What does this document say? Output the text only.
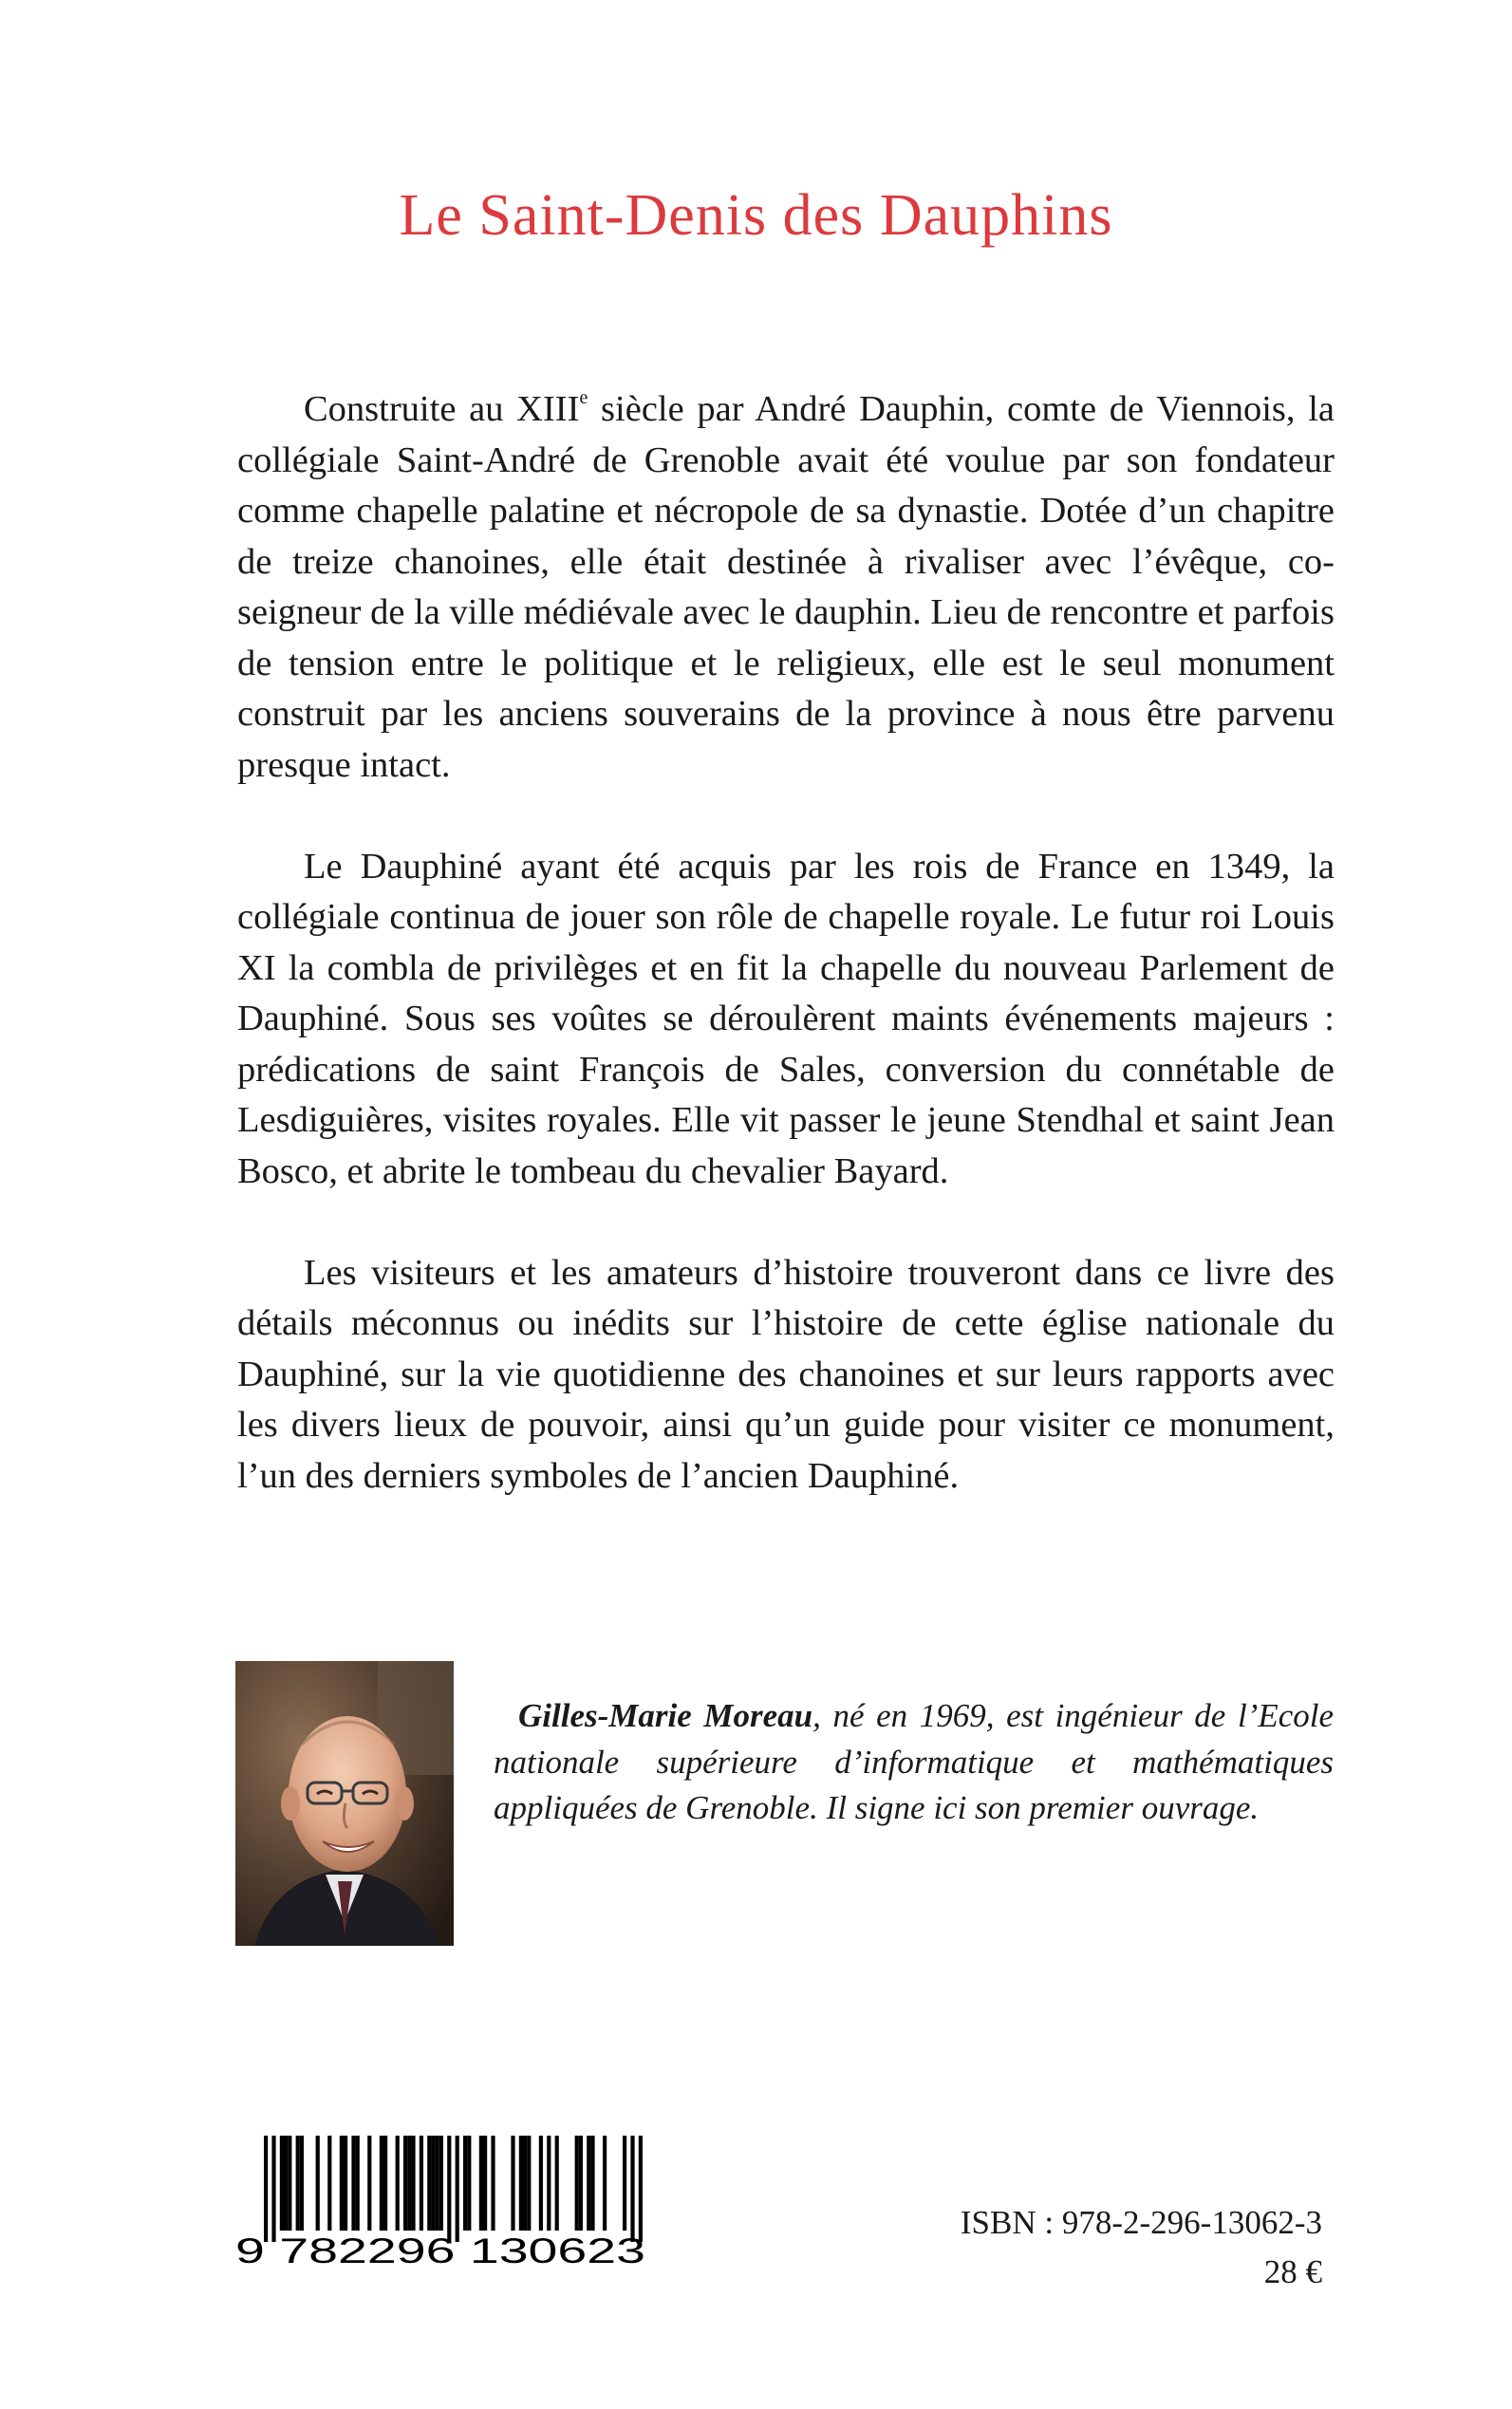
Le Saint-Denis des Dauphins

Construite au XIIIe siècle par André Dauphin, comte de Viennois, la collégiale Saint-André de Grenoble avait été voulue par son fondateur comme chapelle palatine et nécropole de sa dynastie. Dotée d’un chapitre de treize chanoines, elle était destinée à rivaliser avec l’évêque, co-seigneur de la ville médiévale avec le dauphin. Lieu de rencontre et parfois de tension entre le politique et le religieux, elle est le seul monument construit par les anciens souverains de la province à nous être parvenu presque intact.

Le Dauphiné ayant été acquis par les rois de France en 1349, la collégiale continua de jouer son rôle de chapelle royale. Le futur roi Louis XI la combla de privilèges et en fit la chapelle du nouveau Parlement de Dauphiné. Sous ses voûtes se déroulèrent maints événements majeurs : prédications de saint François de Sales, conversion du connétable de Lesdiguières, visites royales. Elle vit passer le jeune Stendhal et saint Jean Bosco, et abrite le tombeau du chevalier Bayard.

Les visiteurs et les amateurs d’histoire trouveront dans ce livre des détails méconnus ou inédits sur l’histoire de cette église nationale du Dauphiné, sur la vie quotidienne des chanoines et sur leurs rapports avec les divers lieux de pouvoir, ainsi qu’un guide pour visiter ce monument, l’un des derniers symboles de l’ancien Dauphiné.

Gilles-Marie Moreau, né en 1969, est ingénieur de l’Ecole nationale supérieure d’informatique et mathématiques appliquées de Grenoble. Il signe ici son premier ouvrage.

9 782296 130623

ISBN : 978-2-296-13062-3

28 €
